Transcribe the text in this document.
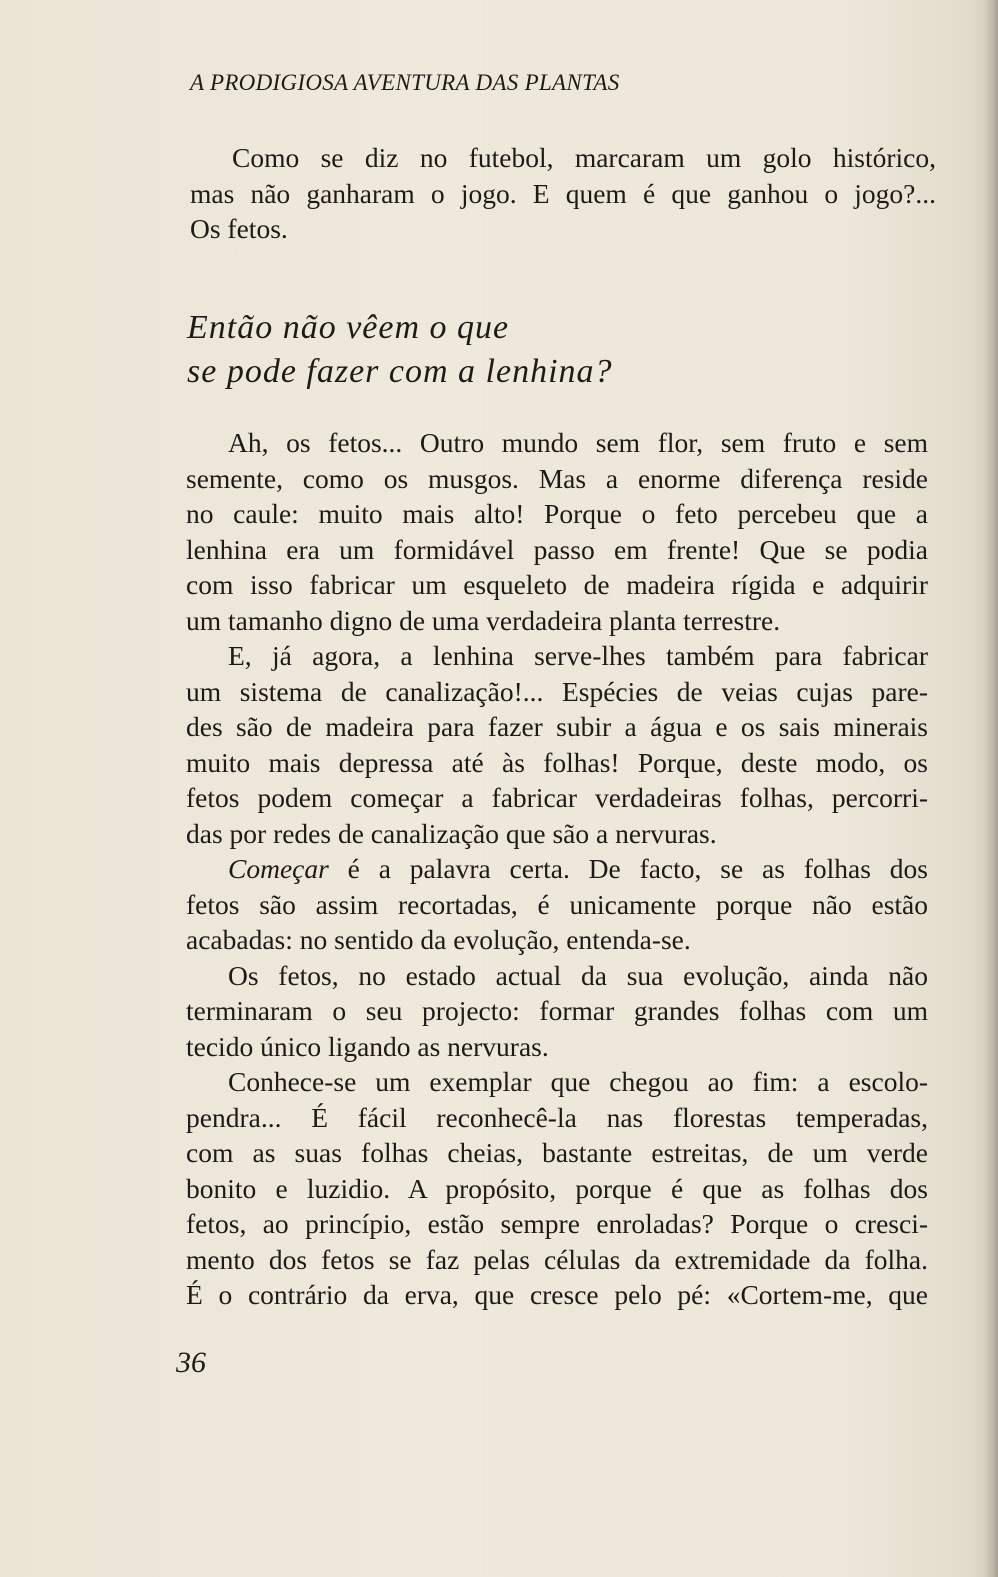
A PRODIGIOSA AVENTURA DAS PLANTAS

Como se diz no futebol, marcaram um golo histórico,

mas não ganharam o jogo. E quem é que ganhou o jogo?...

Os fetos.

Então não vêem o que
se pode fazer com a lenhina?

Ah, os fetos... Outro mundo sem flor, sem fruto e sem

semente, como os musgos. Mas a enorme diferença reside

no caule: muito mais alto! Porque o feto percebeu que a

lenhina era um formidável passo em frente! Que se podia

com isso fabricar um esqueleto de madeira rígida e adquirir

um tamanho digno de uma verdadeira planta terrestre.

E, já agora, a lenhina serve-lhes também para fabricar

um sistema de canalização!... Espécies de veias cujas pare-

des são de madeira para fazer subir a água e os sais minerais

muito mais depressa até às folhas! Porque, deste modo, os

fetos podem começar a fabricar verdadeiras folhas, percorri-

das por redes de canalização que são a nervuras.

Começar é a palavra certa. De facto, se as folhas dos

fetos são assim recortadas, é unicamente porque não estão

acabadas: no sentido da evolução, entenda-se.

Os fetos, no estado actual da sua evolução, ainda não

terminaram o seu projecto: formar grandes folhas com um

tecido único ligando as nervuras.

Conhece-se um exemplar que chegou ao fim: a escolo-

pendra... É fácil reconhecê-la nas florestas temperadas,

com as suas folhas cheias, bastante estreitas, de um verde

bonito e luzidio. A propósito, porque é que as folhas dos

fetos, ao princípio, estão sempre enroladas? Porque o cresci-

mento dos fetos se faz pelas células da extremidade da folha.

É o contrário da erva, que cresce pelo pé: «Cortem-me, que

36
